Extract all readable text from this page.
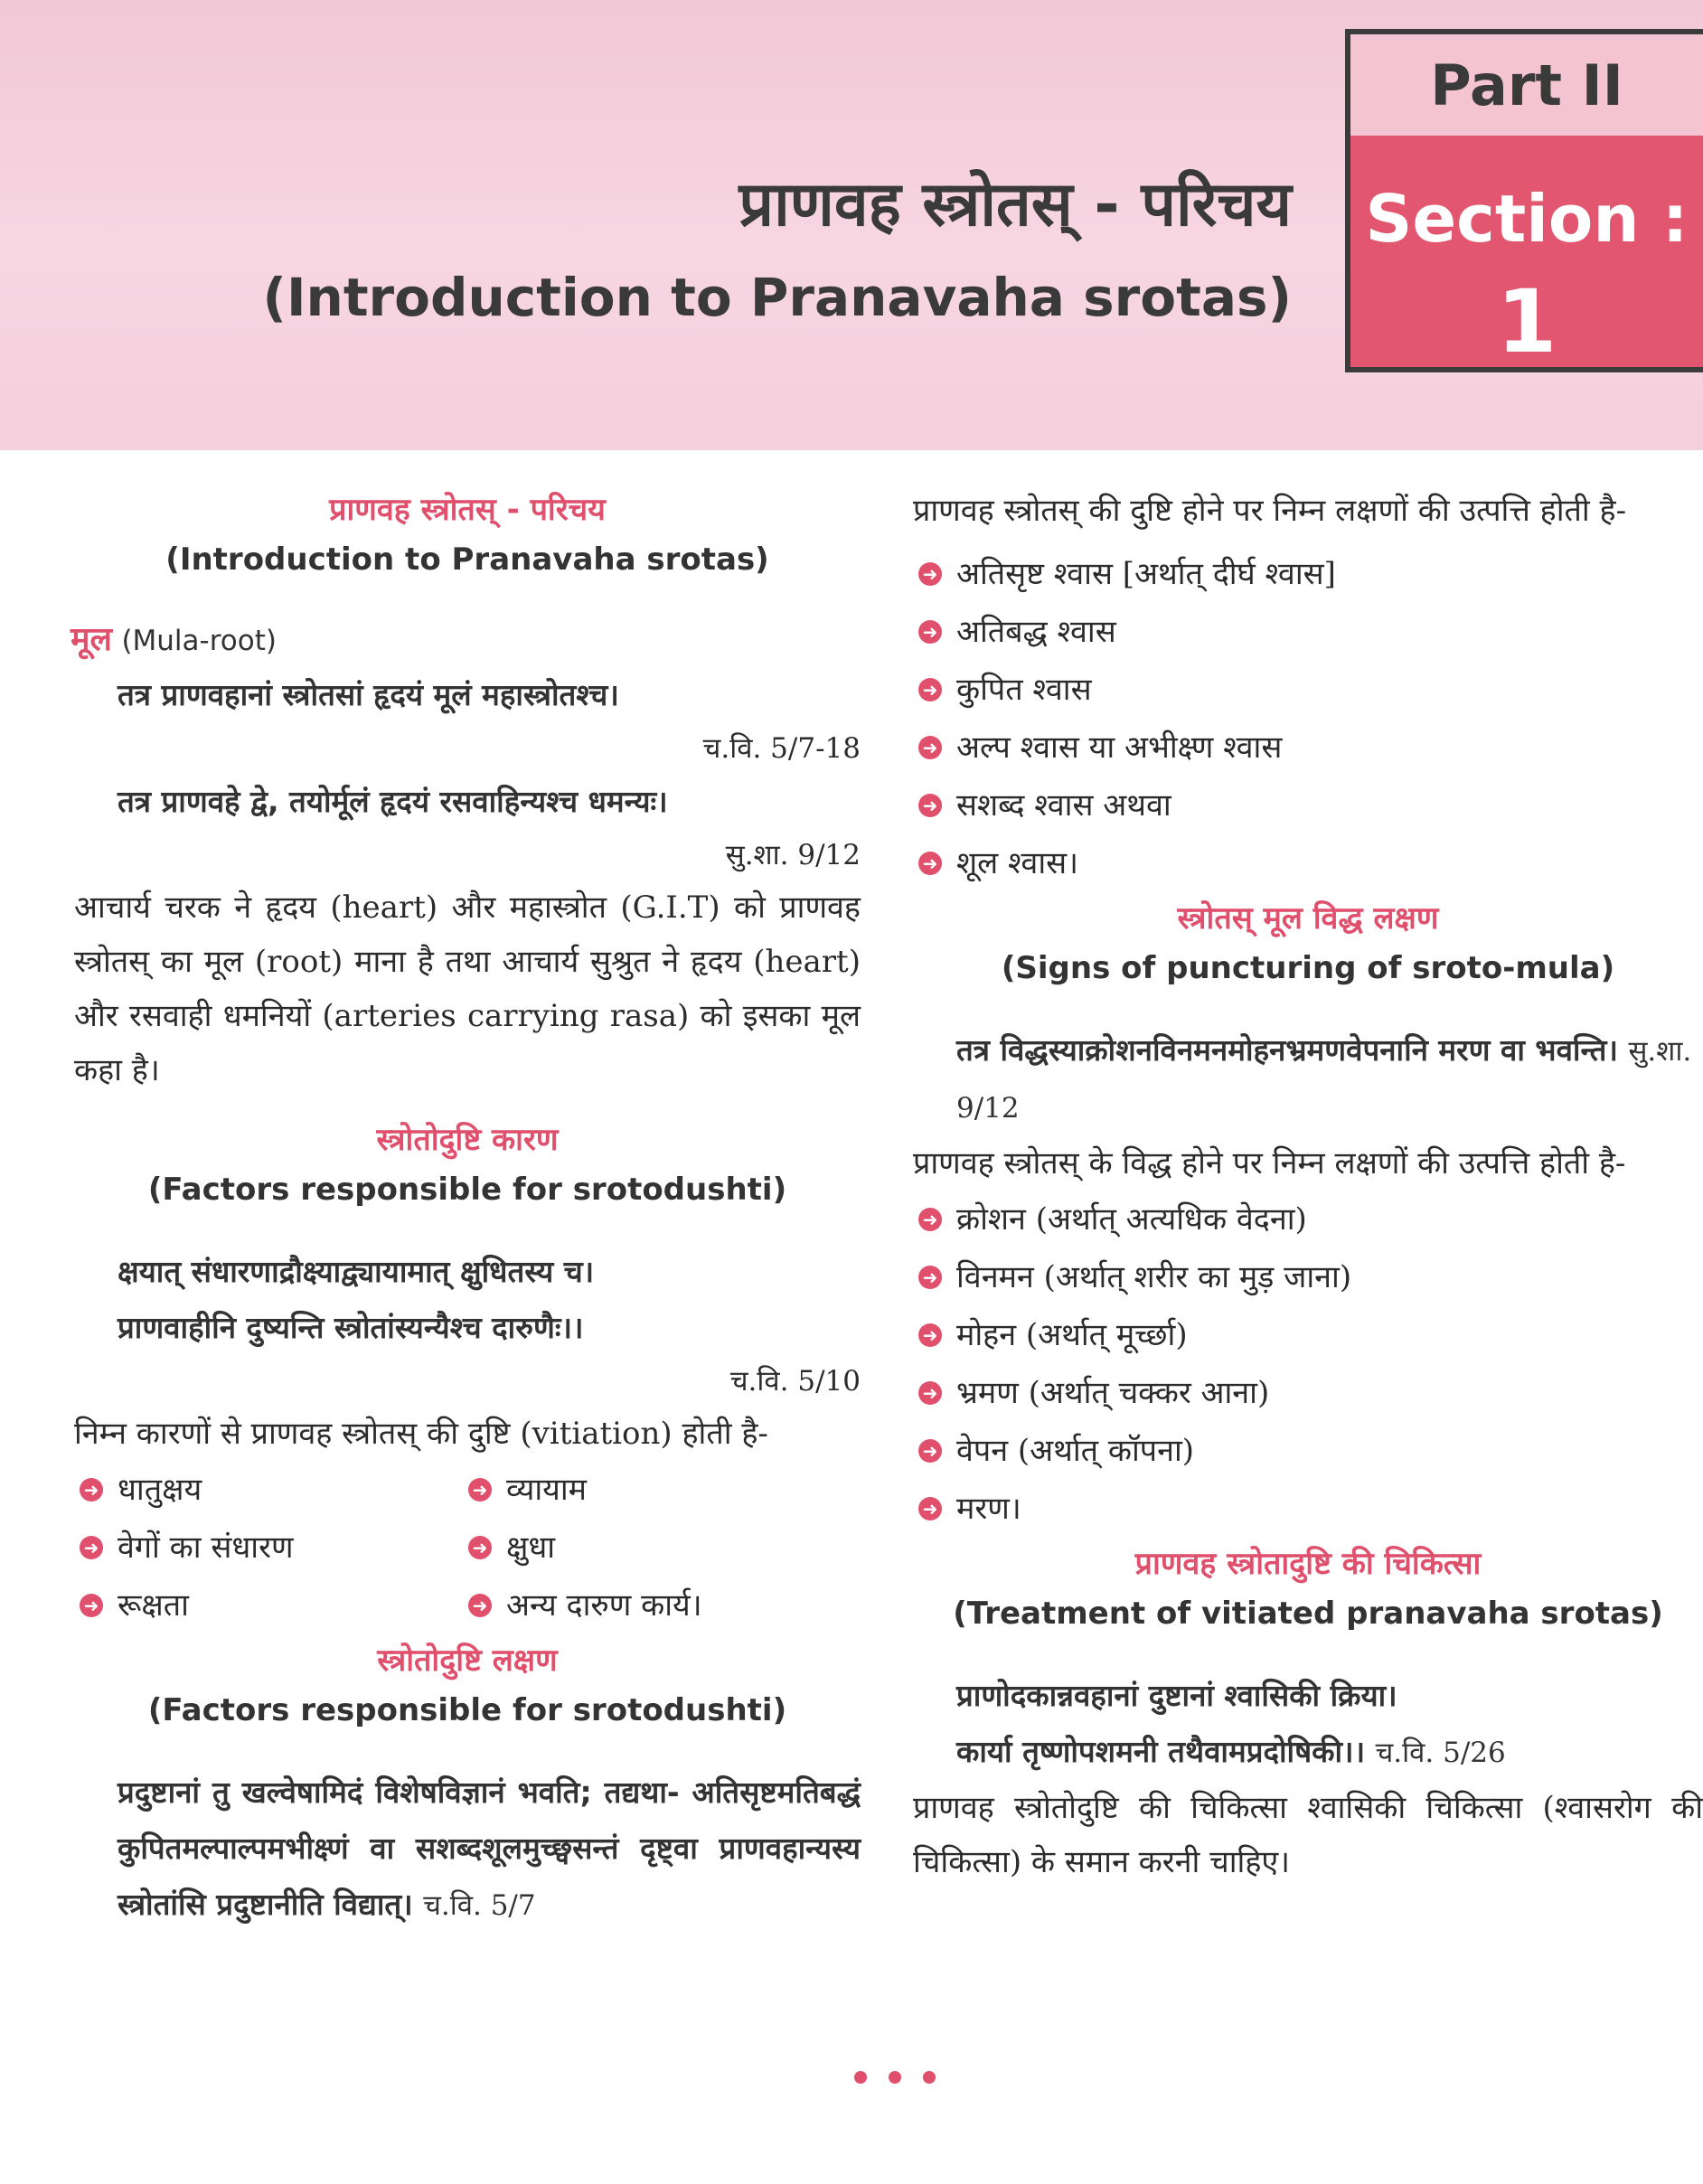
प्राणवह स्त्रोतस् - परिचय
(Introduction to Pranavaha srotas)
Part II
Section :
1

प्राणवह स्त्रोतस् - परिचय

(Introduction to Pranavaha srotas)

मूल (Mula-root)

तत्र प्राणवहानां स्त्रोतसां हृदयं मूलं महास्त्रोतश्च।

च.वि. 5/7-18

तत्र प्राणवहे द्वे, तयोर्मूलं हृदयं रसवाहिन्यश्च धमन्यः।

सु.शा. 9/12

आचार्य चरक ने हृदय (heart) और महास्त्रोत (G.I.T) को प्राणवह स्त्रोतस् का मूल (root) माना है तथा आचार्य सुश्रुत ने हृदय (heart) और रसवाही धमनियों (arteries carrying rasa) को इसका मूल कहा है।

स्त्रोतोदुष्टि कारण

(Factors responsible for srotodushti)

क्षयात् संधारणाद्रौक्ष्याद्व्यायामात् क्षुधितस्य च।

प्राणवाहीनि दुष्यन्ति स्त्रोतांस्यन्यैश्च दारुणैः।।

च.वि. 5/10

निम्न कारणों से प्राणवह स्त्रोतस् की दुष्टि (vitiation) होती है-

➜ धातुक्षय	➜ व्यायाम
➜ वेगों का संधारण	➜ क्षुधा
➜ रूक्षता	➜ अन्य दारुण कार्य।

स्त्रोतोदुष्टि लक्षण

(Factors responsible for srotodushti)

प्रदुष्टानां तु खल्वेषामिदं विशेषविज्ञानं भवति; तद्यथा- अतिसृष्टमतिबद्धं कुपितमल्पाल्पमभीक्ष्णं वा सशब्दशूलमुच्छ्वसन्तं दृष्ट्वा प्राणवहान्यस्य स्त्रोतांसि प्रदुष्टानीति विद्यात्। च.वि. 5/7

प्राणवह स्त्रोतस् की दुष्टि होने पर निम्न लक्षणों की उत्पत्ति होती है-

➜ अतिसृष्ट श्वास [अर्थात् दीर्घ श्वास]
➜ अतिबद्ध श्वास
➜ कुपित श्वास
➜ अल्प श्वास या अभीक्ष्ण श्वास
➜ सशब्द श्वास अथवा
➜ शूल श्वास।

स्त्रोतस् मूल विद्ध लक्षण

(Signs of puncturing of sroto-mula)

तत्र विद्धस्याक्रोशनविनमनमोहनभ्रमणवेपनानि मरण वा भवन्ति। सु.शा. 9/12

प्राणवह स्त्रोतस् के विद्ध होने पर निम्न लक्षणों की उत्पत्ति होती है-

➜ क्रोशन (अर्थात् अत्यधिक वेदना)
➜ विनमन (अर्थात् शरीर का मुड़ जाना)
➜ मोहन (अर्थात् मूर्च्छा)
➜ भ्रमण (अर्थात् चक्कर आना)
➜ वेपन (अर्थात् कॉपना)
➜ मरण।

प्राणवह स्त्रोतादुष्टि की चिकित्सा

(Treatment of vitiated pranavaha srotas)

प्राणोदकान्नवहानां दुष्टानां श्वासिकी क्रिया।

कार्या तृष्णोपशमनी तथैवामप्रदोषिकी।। च.वि. 5/26

प्राणवह स्त्रोतोदुष्टि की चिकित्सा श्वासिकी चिकित्सा (श्वासरोग की चिकित्सा) के समान करनी चाहिए।
